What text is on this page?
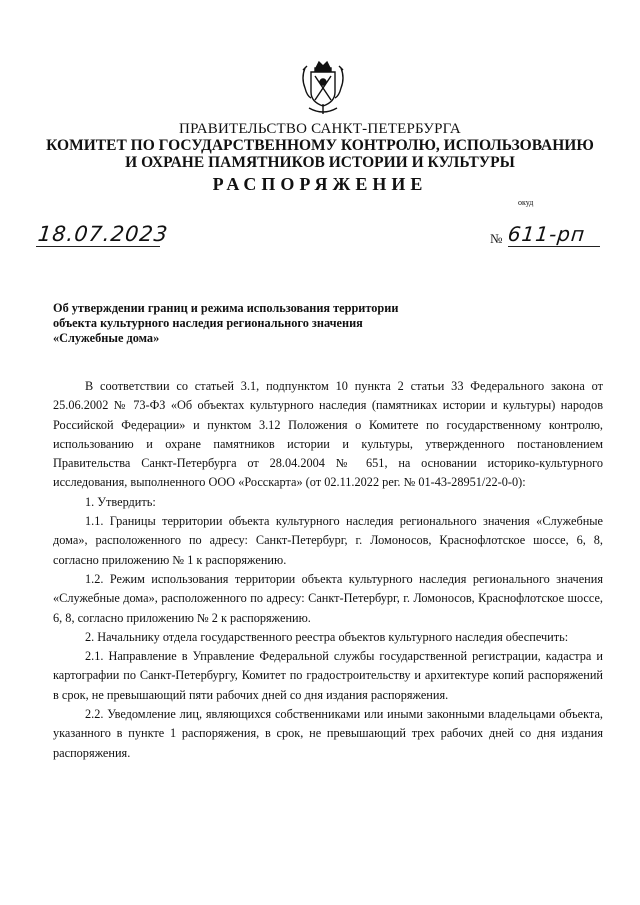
ПРАВИТЕЛЬСТВО САНКТ-ПЕТЕРБУРГА
КОМИТЕТ ПО ГОСУДАРСТВЕННОМУ КОНТРОЛЮ, ИСПОЛЬЗОВАНИЮ
И ОХРАНЕ ПАМЯТНИКОВ ИСТОРИИ И КУЛЬТУРЫ
РАСПОРЯЖЕНИЕ
окуд
18.07.2023	№ 611-рп
Об утверждении границ и режима использования территории
объекта культурного наследия регионального значения
«Служебные дома»

В соответствии со статьей 3.1, подпунктом 10 пункта 2 статьи 33 Федерального закона от 25.06.2002 № 73-ФЗ «Об объектах культурного наследия (памятниках истории и культуры) народов Российской Федерации» и пунктом 3.12 Положения о Комитете по государственному контролю, использованию и охране памятников истории и культуры, утвержденного постановлением Правительства Санкт-Петербурга от 28.04.2004 № 651, на основании историко-культурного исследования, выполненного ООО «Росскарта» (от 02.11.2022 рег. № 01-43-28951/22-0-0):

1. Утвердить:

1.1. Границы территории объекта культурного наследия регионального значения «Служебные дома», расположенного по адресу: Санкт-Петербург, г. Ломоносов, Краснофлотское шоссе, 6, 8, согласно приложению № 1 к распоряжению.

1.2. Режим использования территории объекта культурного наследия регионального значения «Служебные дома», расположенного по адресу: Санкт-Петербург, г. Ломоносов, Краснофлотское шоссе, 6, 8, согласно приложению № 2 к распоряжению.

2. Начальнику отдела государственного реестра объектов культурного наследия обеспечить:

2.1. Направление в Управление Федеральной службы государственной регистрации, кадастра и картографии по Санкт-Петербургу, Комитет по градостроительству и архитектуре копий распоряжений в срок, не превышающий пяти рабочих дней со дня издания распоряжения.

2.2. Уведомление лиц, являющихся собственниками или иными законными владельцами объекта, указанного в пункте 1 распоряжения, в срок, не превышающий трех рабочих дней со дня издания распоряжения.
